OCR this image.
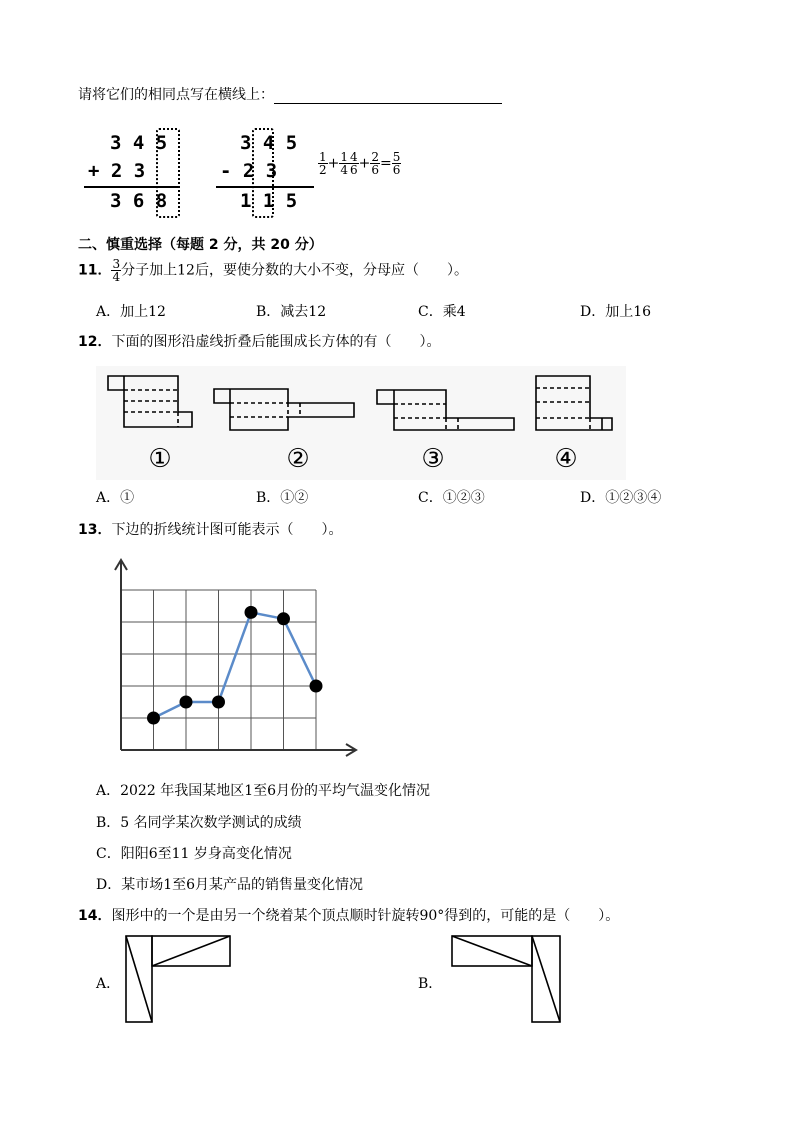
请将它们的相同点写在横线上：
3 4 5
+ 2 3
3 6 8
3 4 5
- 2 3
1 1 5
$\frac{1}{2} + \frac{1}{4} \frac{4}{6} + \frac{2}{6} = \frac{5}{6}$
二、慎重选择（每题 2 分，共 20 分）
11． $\frac{3}{4}$ 分子加上12后，要使分数的大小不变，分母应（　　）。
A．加上12	B．减去12	C．乘4	D．加上16
12．下面的图形沿虚线折叠后能围成长方体的有（　　）。
①	②	③	④
A．①	B．①②	C．①②③	D．①②③④
13．下边的折线统计图可能表示（　　）。
A．2022 年我国某地区1至6月份的平均气温变化情况
B．5 名同学某次数学测试的成绩
C．阳阳6至11 岁身高变化情况
D．某市场1至6月某产品的销售量变化情况
14．图形中的一个是由另一个绕着某个顶点顺时针旋转90°得到的，可能的是（　　）。
A．	B．
